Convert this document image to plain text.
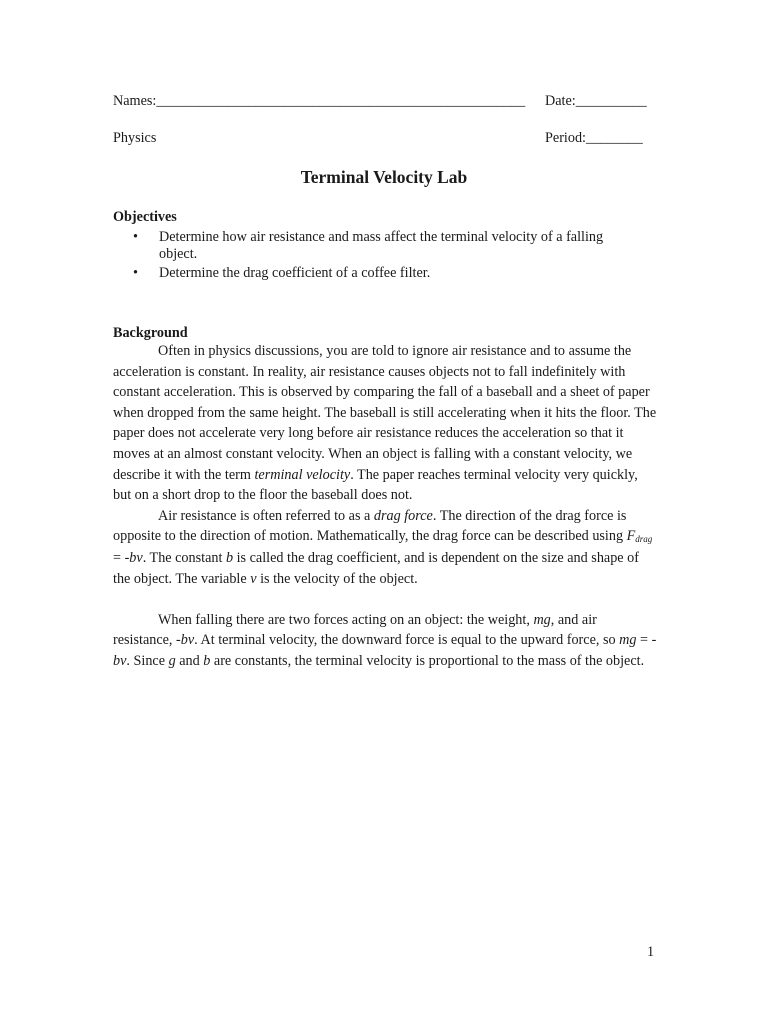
Names:____________________________________________________ Date:__________
Physics	Period:________
Terminal Velocity Lab
Objectives
• Determine how air resistance and mass affect the terminal velocity of a falling object.
• Determine the drag coefficient of a coffee filter.
Background

Often in physics discussions, you are told to ignore air resistance and to assume the acceleration is constant. In reality, air resistance causes objects not to fall indefinitely with constant acceleration. This is observed by comparing the fall of a baseball and a sheet of paper when dropped from the same height. The baseball is still accelerating when it hits the floor. The paper does not accelerate very long before air resistance reduces the acceleration so that it moves at an almost constant velocity. When an object is falling with a constant velocity, we describe it with the term terminal velocity. The paper reaches terminal velocity very quickly, but on a short drop to the floor the baseball does not.

Air resistance is often referred to as a drag force. The direction of the drag force is opposite to the direction of motion. Mathematically, the drag force can be described using $F_{drag} = -bv$. The constant b is called the drag coefficient, and is dependent on the size and shape of the object. The variable v is the velocity of the object.

When falling there are two forces acting on an object: the weight, mg, and air resistance, -bv. At terminal velocity, the downward force is equal to the upward force, so mg = -bv. Since g and b are constants, the terminal velocity is proportional to the mass of the object.

1
